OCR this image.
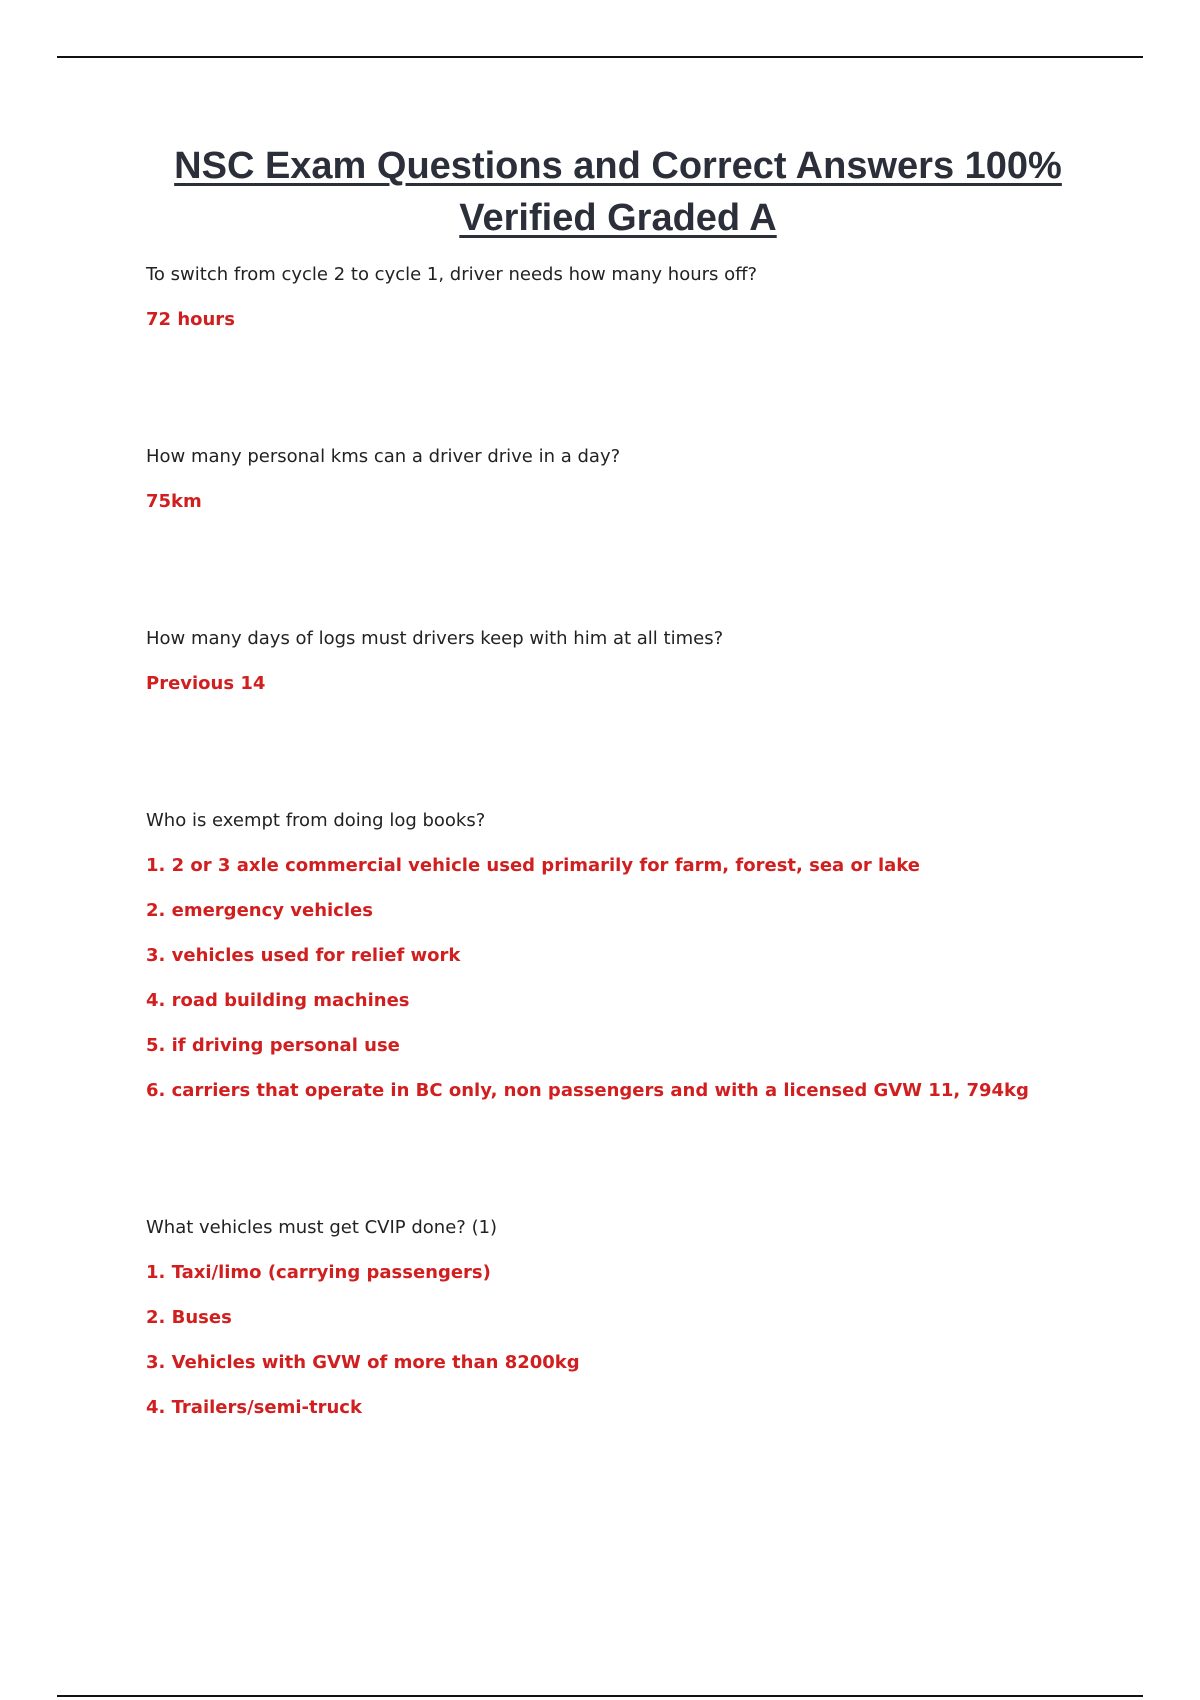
NSC Exam Questions and Correct Answers 100%
Verified Graded A

To switch from cycle 2 to cycle 1, driver needs how many hours off?

72 hours

How many personal kms can a driver drive in a day?

75km

How many days of logs must drivers keep with him at all times?

Previous 14

Who is exempt from doing log books?

1. 2 or 3 axle commercial vehicle used primarily for farm, forest, sea or lake
2. emergency vehicles
3. vehicles used for relief work
4. road building machines
5. if driving personal use
6. carriers that operate in BC only, non passengers and with a licensed GVW 11, 794kg

What vehicles must get CVIP done? (1)

1. Taxi/limo (carrying passengers)
2. Buses
3. Vehicles with GVW of more than 8200kg
4. Trailers/semi-truck
